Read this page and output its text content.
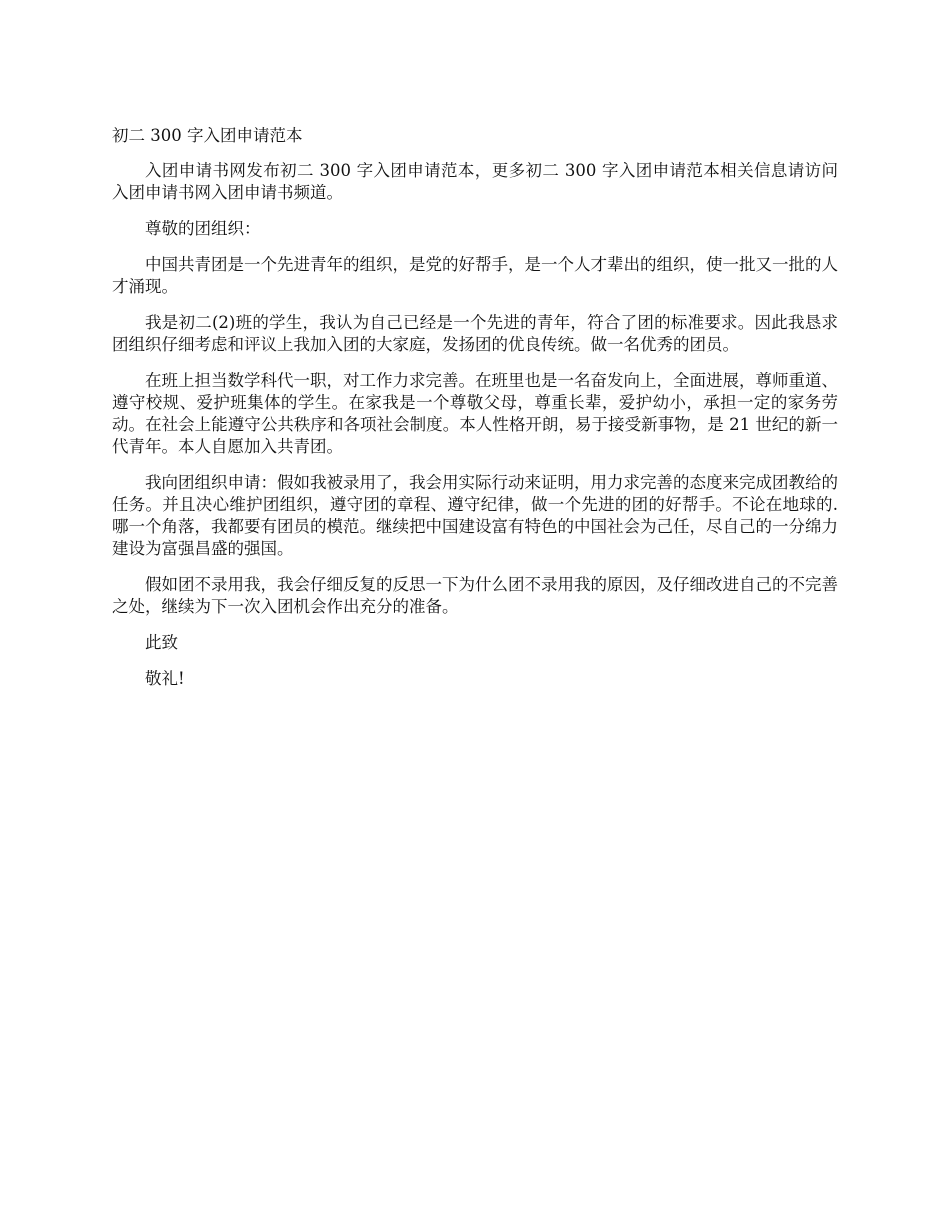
初二 300 字入团申请范本

入团申请书网发布初二 300 字入团申请范本，更多初二 300 字入团申请范本相关信息请访问入团申请书网入团申请书频道。

尊敬的团组织：

中国共青团是一个先进青年的组织，是党的好帮手，是一个人才辈出的组织，使一批又一批的人才涌现。

我是初二(2)班的学生，我认为自己已经是一个先进的青年，符合了团的标准要求。因此我恳求团组织仔细考虑和评议上我加入团的大家庭，发扬团的优良传统。做一名优秀的团员。

在班上担当数学科代一职，对工作力求完善。在班里也是一名奋发向上，全面进展，尊师重道、遵守校规、爱护班集体的学生。在家我是一个尊敬父母，尊重长辈，爱护幼小，承担一定的家务劳动。在社会上能遵守公共秩序和各项社会制度。本人性格开朗，易于接受新事物，是 21 世纪的新一代青年。本人自愿加入共青团。

我向团组织申请：假如我被录用了，我会用实际行动来证明，用力求完善的态度来完成团教给的任务。并且决心维护团组织，遵守团的章程、遵守纪律，做一个先进的团的好帮手。不论在地球的.哪一个角落，我都要有团员的模范。继续把中国建设富有特色的中国社会为己任，尽自己的一分绵力建设为富强昌盛的强国。

假如团不录用我，我会仔细反复的反思一下为什么团不录用我的原因，及仔细改进自己的不完善之处，继续为下一次入团机会作出充分的准备。

此致

敬礼!
